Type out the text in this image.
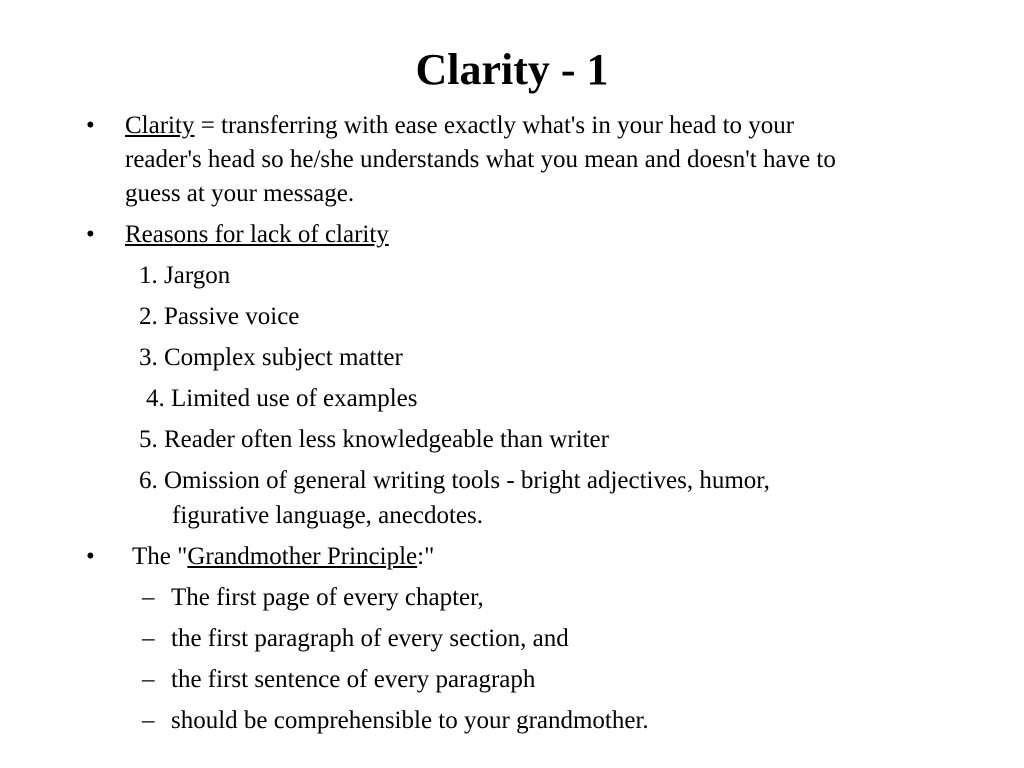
Clarity - 1
• Clarity = transferring with ease exactly what's in your head to your
reader's head so he/she understands what you mean and doesn't have to
guess at your message.
• Reasons for lack of clarity
1. Jargon
2. Passive voice
3. Complex subject matter
4. Limited use of examples
5. Reader often less knowledgeable than writer
6. Omission of general writing tools - bright adjectives, humor,
figurative language, anecdotes.
• The "Grandmother Principle:"
– The first page of every chapter,
– the first paragraph of every section, and
– the first sentence of every paragraph
– should be comprehensible to your grandmother.
